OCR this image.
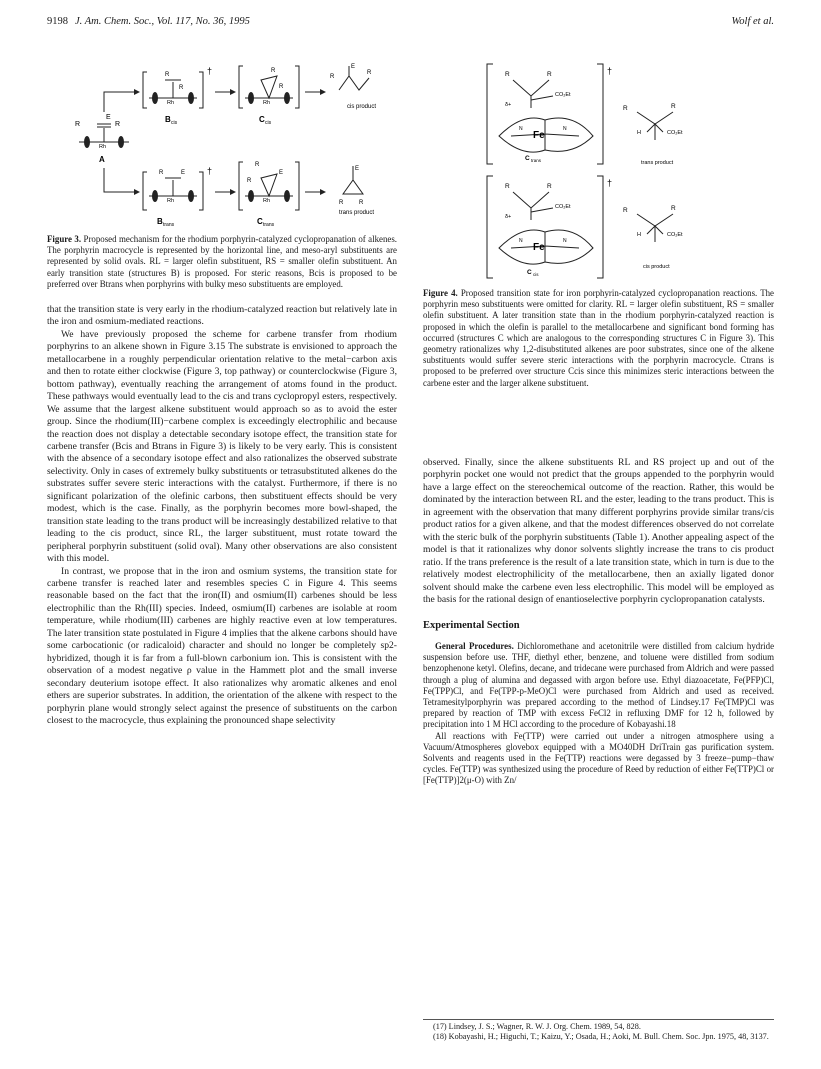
9198 J. Am. Chem. Soc., Vol. 117, No. 36, 1995	Wolf et al.
R	R
E
Rh
A
Rh
R
R	†
B cis
Rh
R
R
C cis
R
R
E
cis product
Rh
R	E †
B trans
Rh
R
R
E
C trans
E
R	R
trans product

Figure 3. Proposed mechanism for the rhodium porphyrin-catalyzed cyclopropanation of alkenes. The porphyrin macrocycle is represented by the horizontal line, and meso-aryl substituents are represented by solid ovals. RL = larger olefin substituent, RS = smaller olefin substituent. An early transition state (structures B) is proposed. For steric reasons, Bcis is proposed to be preferred over Btrans when porphyrins with bulky meso substituents are employed.

that the transition state is very early in the rhodium-catalyzed reaction but relatively late in the iron and osmium-mediated reactions.

We have previously proposed the scheme for carbene transfer from rhodium porphyrins to an alkene shown in Figure 3.15 The substrate is envisioned to approach the metallocarbene in a roughly perpendicular orientation relative to the metal−carbon axis and then to rotate either clockwise (Figure 3, top pathway) or counterclockwise (Figure 3, bottom pathway), eventually reaching the arrangement of atoms found in the product. These pathways would eventually lead to the cis and trans cyclopropyl esters, respectively. We assume that the largest alkene substituent would approach so as to avoid the ester group. Since the rhodium(III)−carbene complex is exceedingly electrophilic and because the reaction does not display a detectable secondary isotope effect, the transition state for carbene transfer (Bcis and Btrans in Figure 3) is likely to be very early. This is consistent with the absence of a secondary isotope effect and also rationalizes the observed substrate selectivity. Only in cases of extremely bulky substituents or tetrasubstituted alkenes do the substrates suffer severe steric interactions with the catalyst. Furthermore, if there is no significant polarization of the olefinic carbons, then substituent effects should be very modest, which is the case. Finally, as the porphyrin becomes more bowl-shaped, the transition state leading to the trans product will be increasingly destabilized relative to that leading to the cis product, since RL, the larger substituent, must rotate toward the peripheral porphyrin substituent (solid oval). Many other observations are also consistent with this model.

In contrast, we propose that in the iron and osmium systems, the transition state for carbene transfer is reached later and resembles species C in Figure 4. This seems reasonable based on the fact that the iron(II) and osmium(II) carbenes should be less electrophilic than the Rh(III) species. Indeed, osmium(II) carbenes are isolable at room temperature, while rhodium(III) carbenes are highly reactive even at low temperatures. The later transition state postulated in Figure 4 implies that the alkene carbons should have some carbocationic (or radicaloid) character and should no longer be completely sp2-hybridized, though it is far from a full-blown carbonium ion. This is consistent with the observation of a modest negative ρ value in the Hammett plot and the small inverse secondary deuterium isotope effect. It also rationalizes why aromatic alkenes and enol ethers are superior substrates. In addition, the orientation of the alkene with respect to the porphyrin plane would strongly select against the presence of substituents on the carbon closest to the macrocycle, thus explaining the pronounced shape selectivity

†
R	R
CO₂Et
δ+
Fe
N	N
C trans
R	R
H	CO₂Et
trans product
†
R	R
CO₂Et
δ+
Fe
N	N
C cis
R	R
H	CO₂Et
cis product

Figure 4. Proposed transition state for iron porphyrin-catalyzed cyclopropanation reactions. The porphyrin meso substituents were omitted for clarity. RL = larger olefin substituent, RS = smaller olefin substituent. A later transition state than in the rhodium porphyrin-catalyzed reaction is proposed in which the olefin is parallel to the metallocarbene and significant bond forming has occurred (structures C which are analogous to the corresponding structures C in Figure 3). This geometry rationalizes why 1,2-disubstituted alkenes are poor substrates, since one of the alkene substituents would suffer severe steric interactions with the porphyrin macrocycle. Ctrans is proposed to be preferred over structure Ccis since this minimizes steric interactions between the carbene ester and the larger alkene substituent.

observed. Finally, since the alkene substituents RL and RS project up and out of the porphyrin pocket one would not predict that the groups appended to the porphyrin would have a large effect on the stereochemical outcome of the reaction. Rather, this would be dominated by the interaction between RL and the ester, leading to the trans product. This is in agreement with the observation that many different porphyrins provide similar trans/cis product ratios for a given alkene, and that the modest differences observed do not correlate with the steric bulk of the porphyrin substituents (Table 1). Another appealing aspect of the model is that it rationalizes why donor solvents slightly increase the trans to cis product ratio. If the trans preference is the result of a late transition state, which in turn is due to the relatively modest electrophilicity of the metallocarbene, then an axially ligated donor solvent should make the carbene even less electrophilic. This model will be employed as the basis for the rational design of enantioselective porphyrin cyclopropanation catalysts.

Experimental Section

General Procedures. Dichloromethane and acetonitrile were distilled from calcium hydride suspension before use. THF, diethyl ether, benzene, and toluene were distilled from sodium benzophenone ketyl. Olefins, decane, and tridecane were purchased from Aldrich and were passed through a plug of alumina and degassed with argon before use. Ethyl diazoacetate, Fe(PFP)Cl, Fe(TPP)Cl, and Fe(TPP-p-MeO)Cl were purchased from Aldrich and used as received. Tetramesitylporphyrin was prepared according to the method of Lindsey.17 Fe(TMP)Cl was prepared by reaction of TMP with excess FeCl2 in refluxing DMF for 12 h, followed by precipitation into 1 M HCl according to the procedure of Kobayashi.18

All reactions with Fe(TTP) were carried out under a nitrogen atmosphere using a Vacuum/Atmospheres glovebox equipped with a MO40DH DriTrain gas purification system. Solvents and reagents used in the Fe(TTP) reactions were degassed by 3 freeze−pump−thaw cycles. Fe(TTP) was synthesized using the procedure of Reed by reduction of either Fe(TTP)Cl or [Fe(TTP)]2(μ-O) with Zn/

(17) Lindsey, J. S.; Wagner, R. W. J. Org. Chem. 1989, 54, 828.
(18) Kobayashi, H.; Higuchi, T.; Kaizu, Y.; Osada, H.; Aoki, M. Bull. Chem. Soc. Jpn. 1975, 48, 3137.
